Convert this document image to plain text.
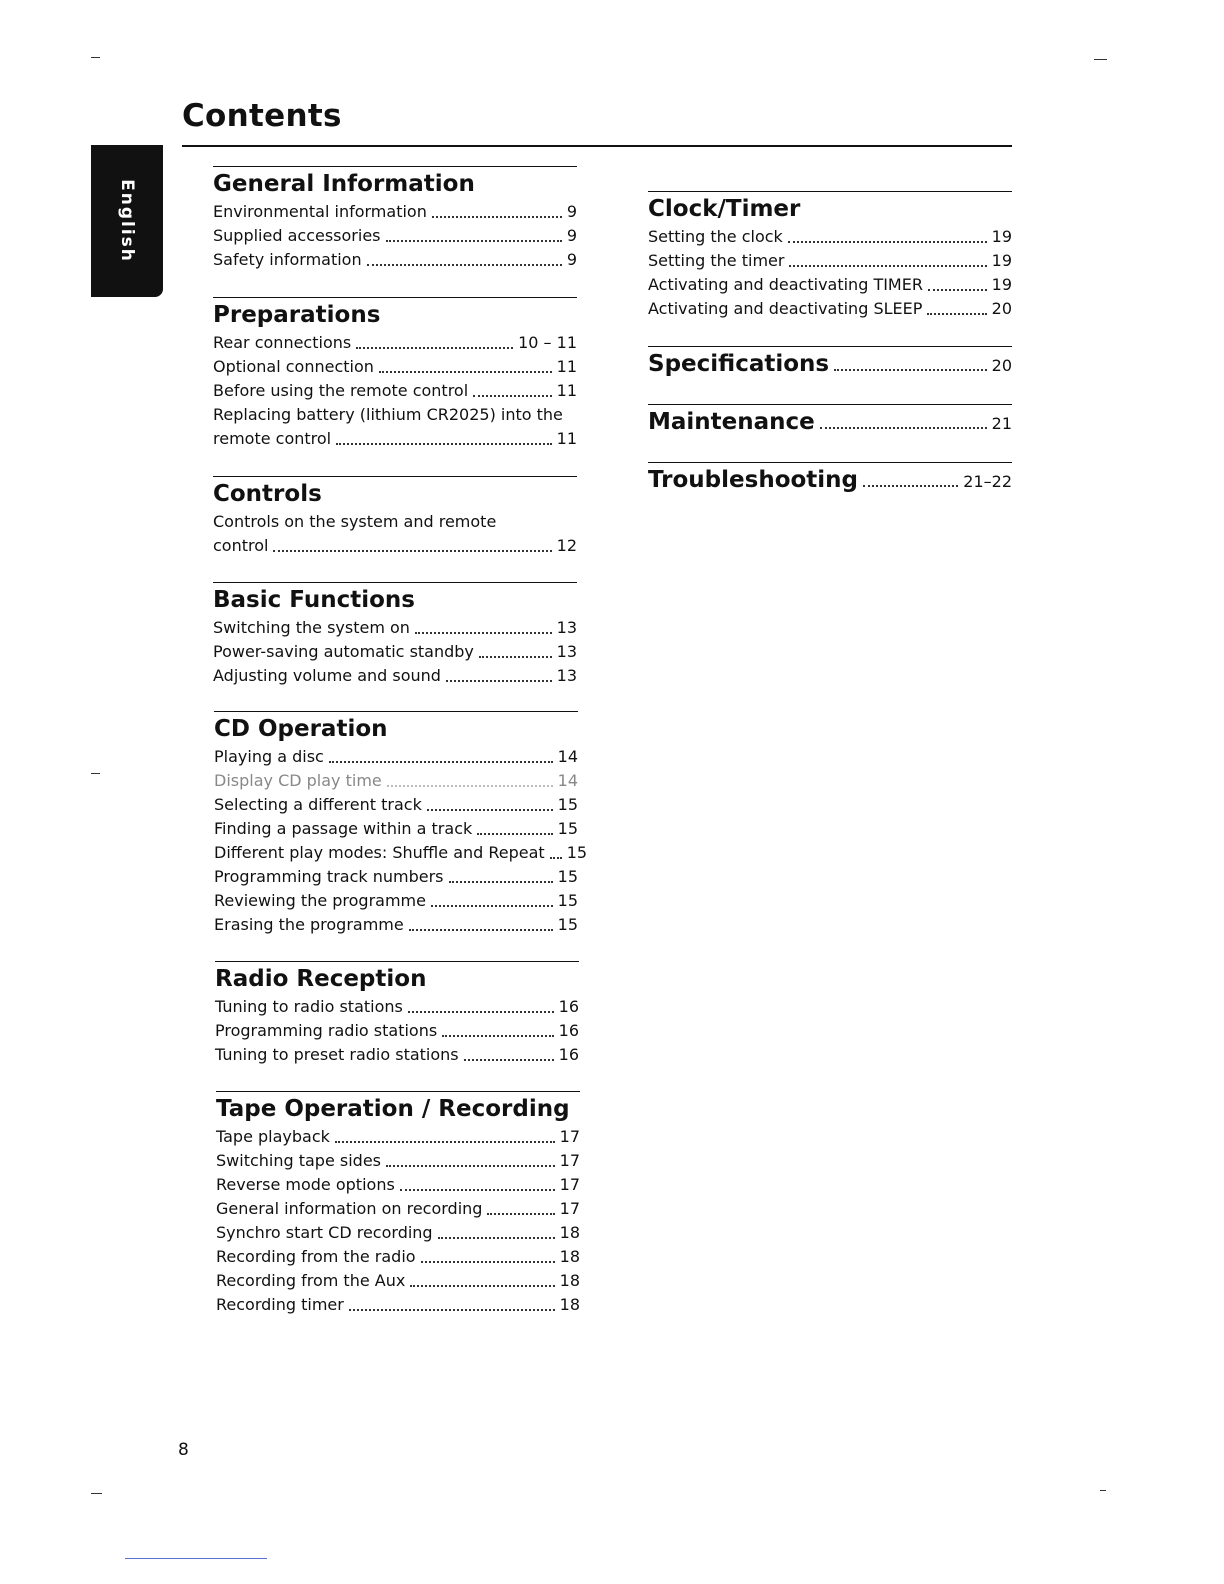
Contents
English	General Information
Environmental information	9
Supplied accessories	9
Safety information	9
Preparations
Rear connections	10 – 11
Optional connection	11
Before using the remote control	11
Replacing battery (lithium CR2025) into the
remote control	11
Controls
Controls on the system and remote
control	12
Basic Functions
Switching the system on	13
Power-saving automatic standby	13
Adjusting volume and sound	13
CD Operation
Playing a disc	14
Display CD play time	14
Selecting a different track	15
Finding a passage within a track	15
Different play modes: Shuffle and Repeat 15
Programming track numbers	15
Reviewing the programme	15
Erasing the programme	15
Radio Reception
Tuning to radio stations	16
Programming radio stations	16
Tuning to preset radio stations	16
Tape Operation / Recording
Tape playback	17
Switching tape sides	17
Reverse mode options	17
General information on recording	17
Synchro start CD recording	18
Recording from the radio	18
Recording from the Aux	18
Recording timer	18
Clock/Timer
Setting the clock	19
Setting the timer	19
Activating and deactivating TIMER	19
Activating and deactivating SLEEP	20
Specifications	20
Maintenance	21
Troubleshooting	21–22
8
